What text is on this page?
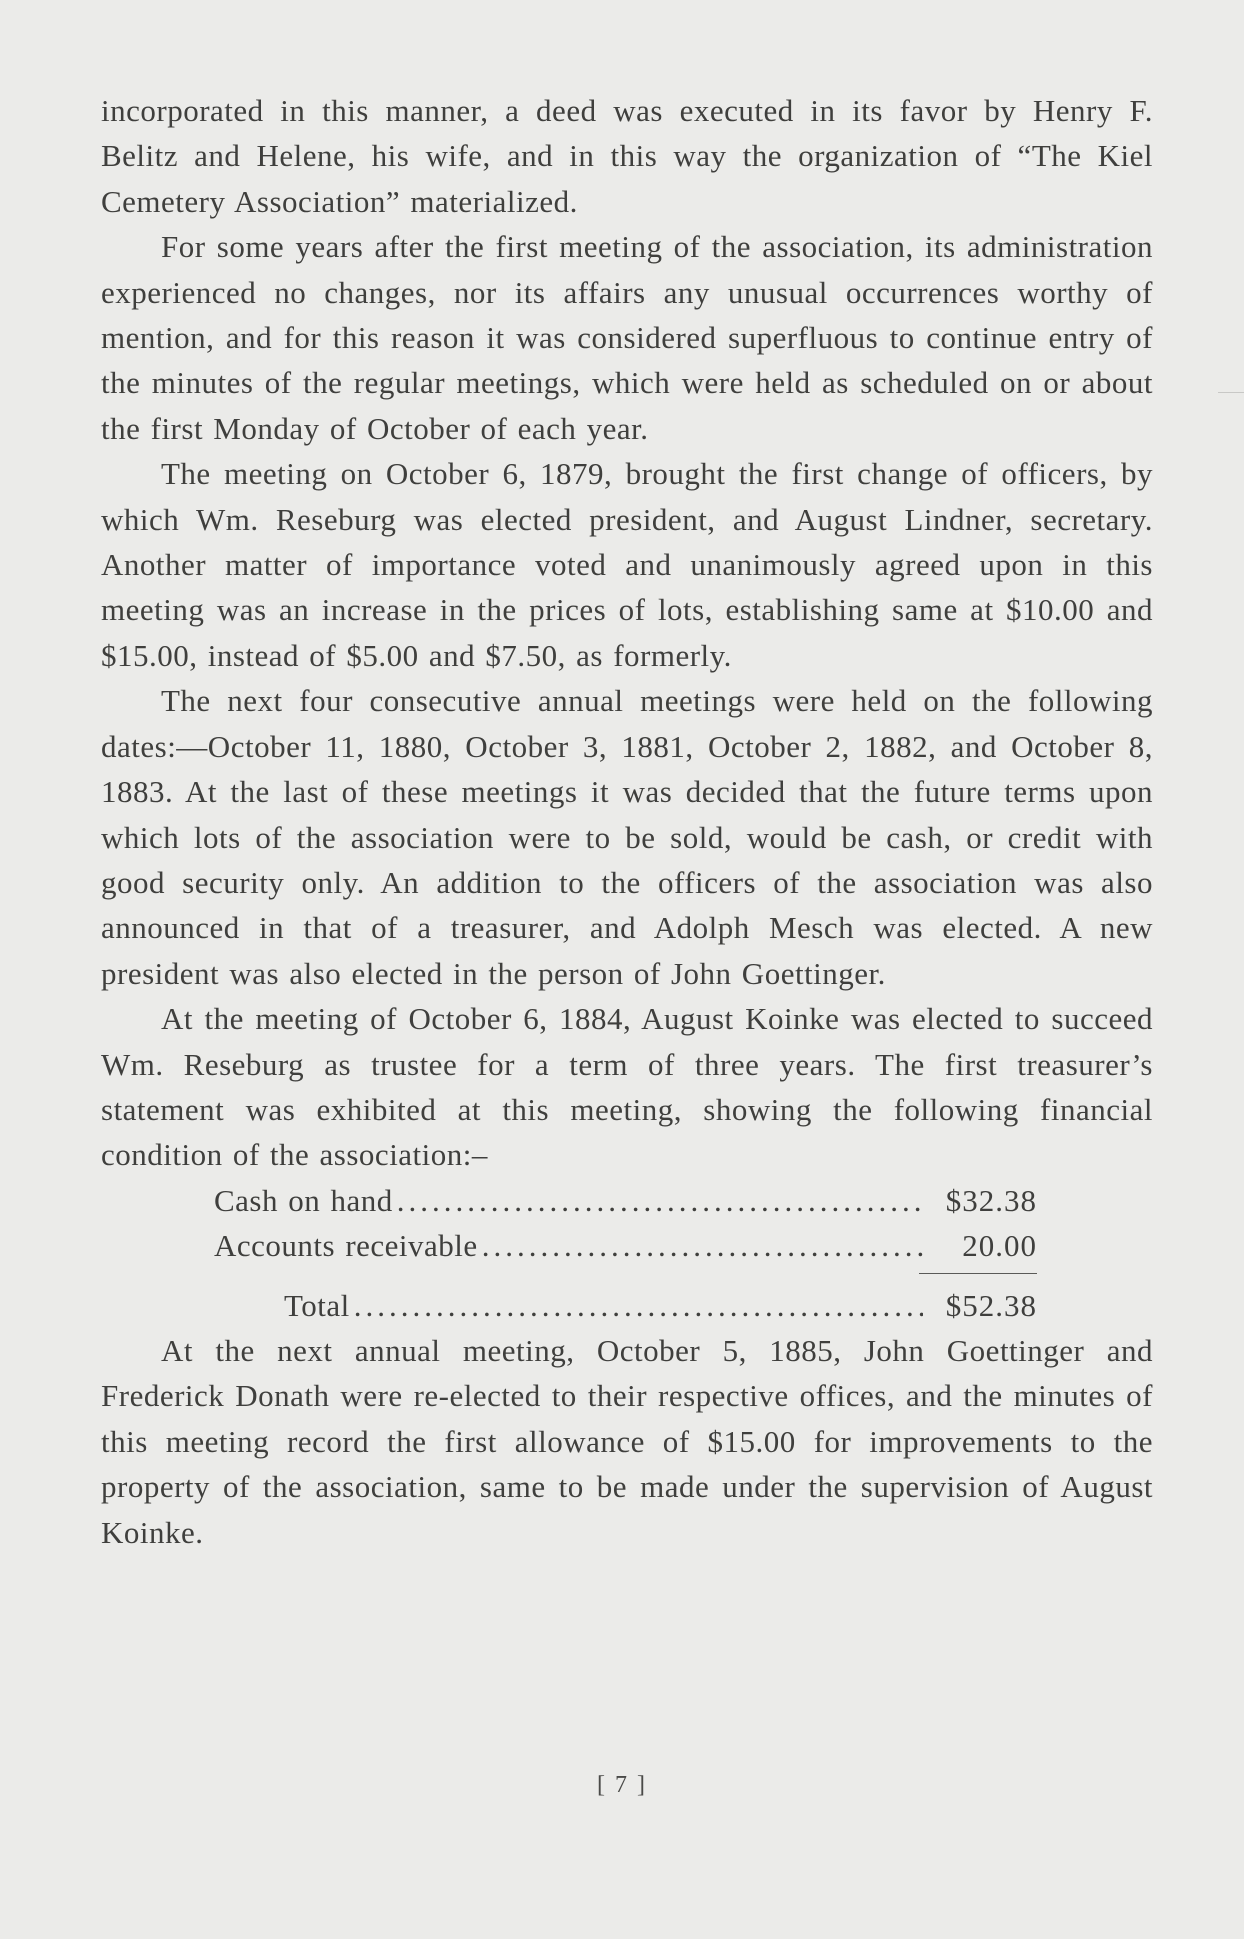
incorporated in this manner, a deed was executed in its favor by Henry F. Belitz and Helene, his wife, and in this way the organization of “The Kiel Cemetery Association” materialized.

For some years after the first meeting of the association, its administration experienced no changes, nor its affairs any unusual occurrences worthy of mention, and for this reason it was considered superfluous to continue entry of the minutes of the regular meetings, which were held as scheduled on or about the first Monday of October of each year.

The meeting on October 6, 1879, brought the first change of officers, by which Wm. Reseburg was elected president, and August Lindner, secretary. Another matter of importance voted and unanimously agreed upon in this meeting was an increase in the prices of lots, establishing same at $10.00 and $15.00, instead of $5.00 and $7.50, as formerly.

The next four consecutive annual meetings were held on the following dates:—October 11, 1880, October 3, 1881, October 2, 1882, and October 8, 1883. At the last of these meetings it was decided that the future terms upon which lots of the association were to be sold, would be cash, or credit with good security only. An addition to the officers of the association was also announced in that of a treasurer, and Adolph Mesch was elected. A new president was also elected in the person of John Goettinger.

At the meeting of October 6, 1884, August Koinke was elected to succeed Wm. Reseburg as trustee for a term of three years. The first treasurer’s statement was exhibited at this meeting, showing the following financial condition of the association:–

Cash on hand .....	$32.38
Accounts receivable .....	20.00
Total .....	$52.38

At the next annual meeting, October 5, 1885, John Goettinger and Frederick Donath were re-elected to their respective offices, and the minutes of this meeting record the first allowance of $15.00 for improvements to the property of the association, same to be made under the supervision of August Koinke.

[ 7 ]
